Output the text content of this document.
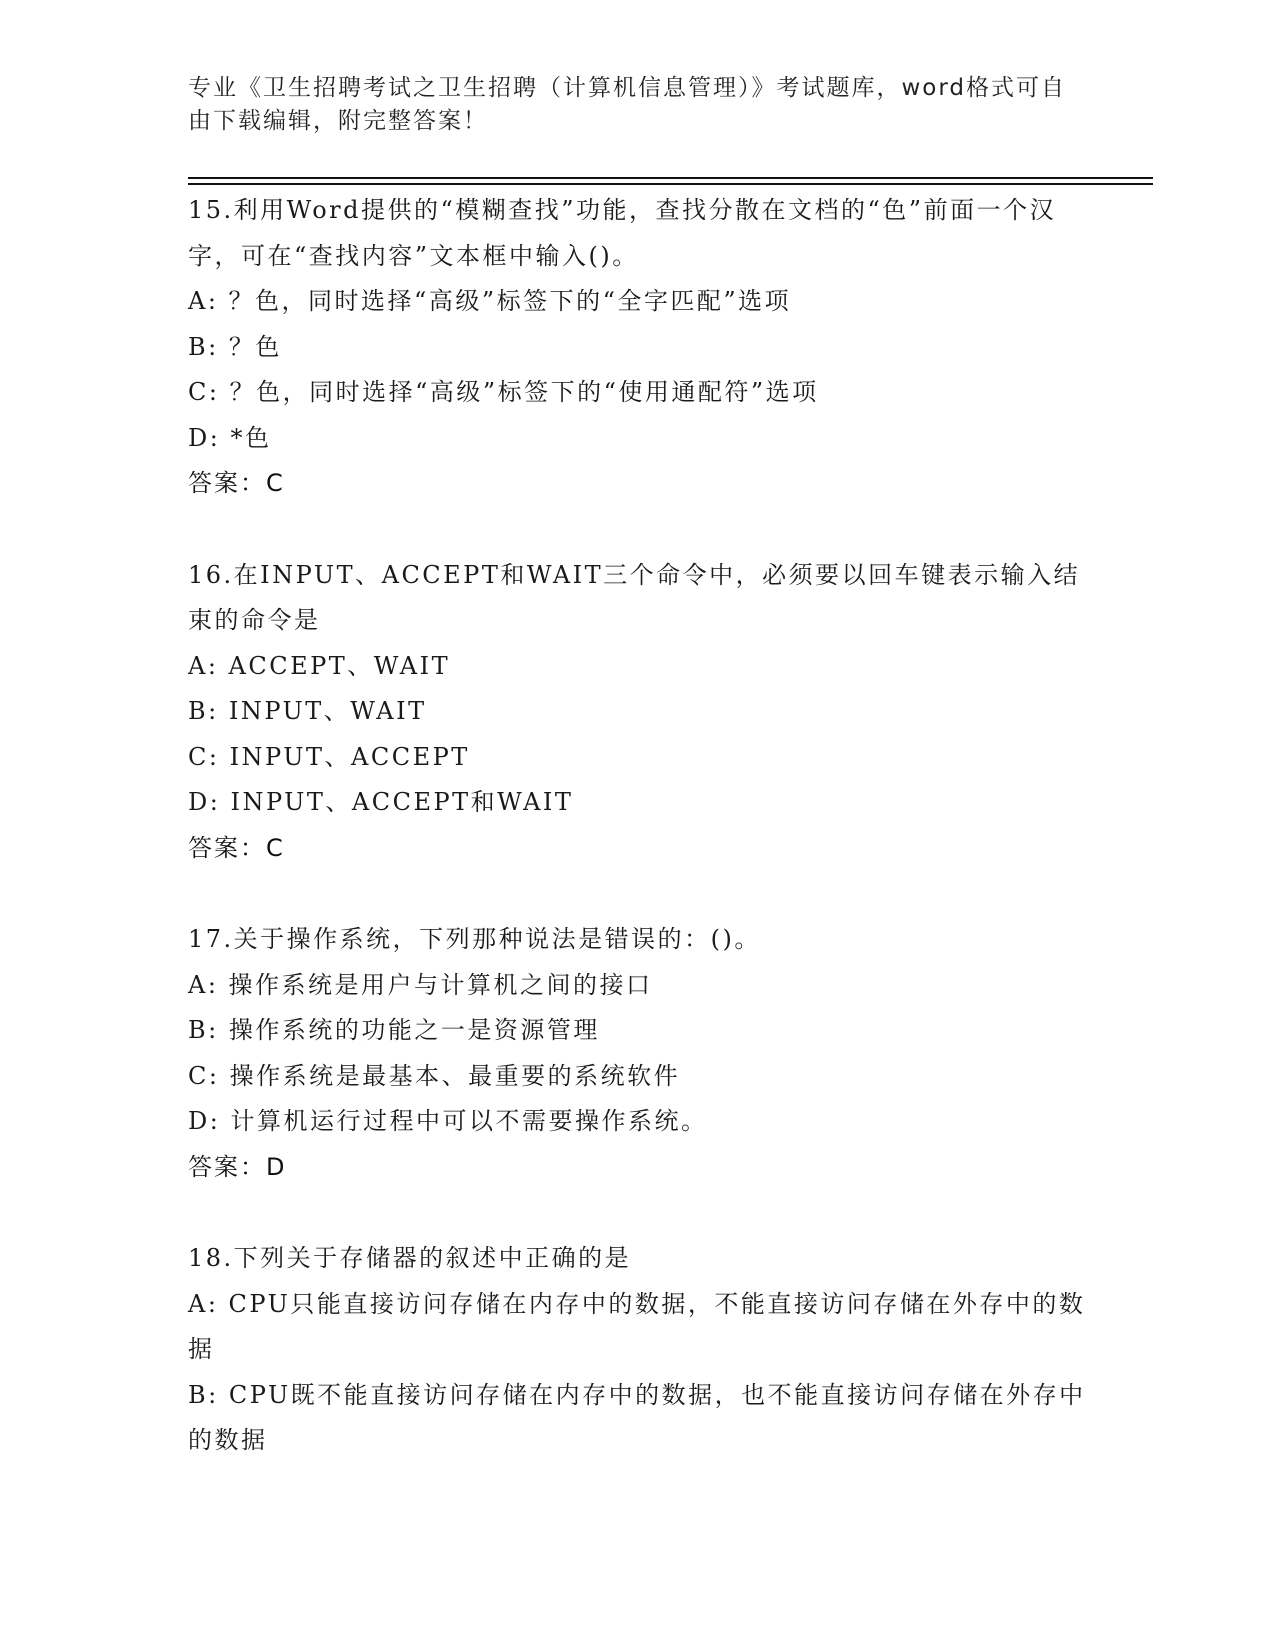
专业《卫生招聘考试之卫生招聘（计算机信息管理）》考试题库，word格式可自由下载编辑，附完整答案！
15.利用Word提供的“模糊查找”功能，查找分散在文档的“色”前面一个汉字，可在“查找内容”文本框中输入()。
A: ？色，同时选择“高级”标签下的“全字匹配”选项
B: ？色
C: ？色，同时选择“高级”标签下的“使用通配符”选项
D: *色
答案：C
16.在INPUT、ACCEPT和WAIT三个命令中，必须要以回车键表示输入结束的命令是
A: ACCEPT、WAIT
B: INPUT、WAIT
C: INPUT、ACCEPT
D: INPUT、ACCEPT和WAIT
答案：C
17.关于操作系统，下列那种说法是错误的：()。
A: 操作系统是用户与计算机之间的接口
B: 操作系统的功能之一是资源管理
C: 操作系统是最基本、最重要的系统软件
D: 计算机运行过程中可以不需要操作系统。
答案：D
18.下列关于存储器的叙述中正确的是
A: CPU只能直接访问存储在内存中的数据，不能直接访问存储在外存中的数据
B: CPU既不能直接访问存储在内存中的数据，也不能直接访问存储在外存中的数据
